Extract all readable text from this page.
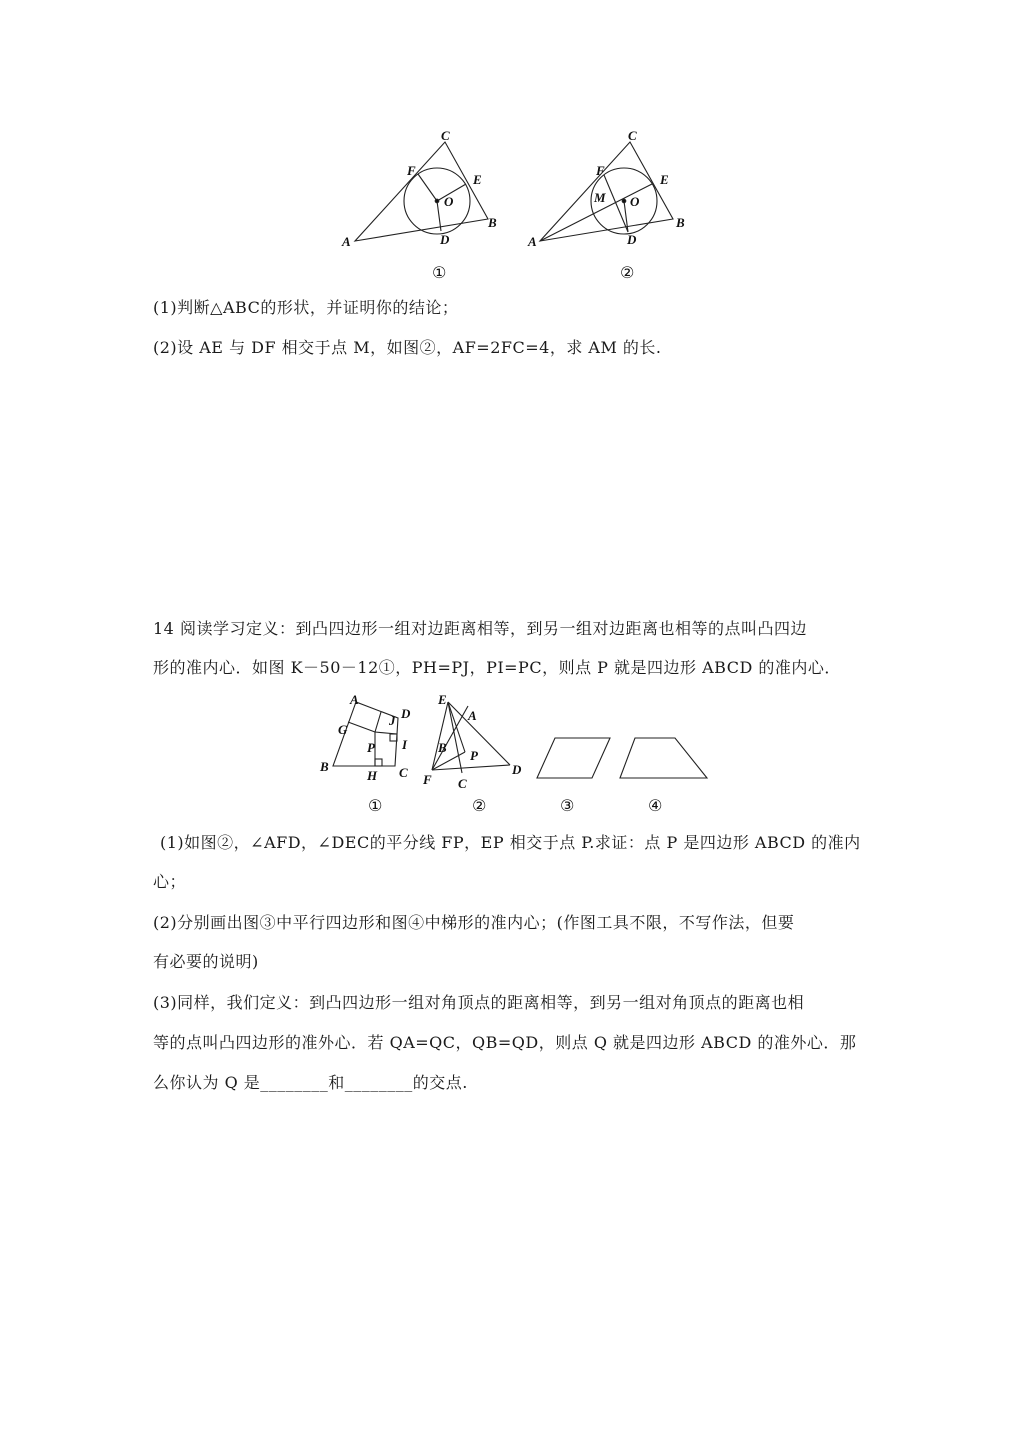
A
B
C
D
E
F
O
①
A
B
C
D
E
F
O
M
②
(1)判断△ABC的形状，并证明你的结论；
(2)设 AE 与 DF 相交于点 M，如图②，AF=2FC=4，求 AM 的长.
14 阅读学习定义：到凸四边形一组对边距离相等，到另一组对边距离也相等的点叫凸四边
形的准内心．如图 K－50－12①，PH=PJ，PI=PC，则点 P 就是四边形 ABCD 的准内心．
A
B	C
D
G
H
I
J
P
①
E
A
B
P
D
F C
②	③	④
(1)如图②，∠AFD，∠DEC的平分线 FP，EP 相交于点 P.求证：点 P 是四边形 ABCD 的准内
心；
(2)分别画出图③中平行四边形和图④中梯形的准内心；(作图工具不限，不写作法，但要
有必要的说明)
(3)同样，我们定义：到凸四边形一组对角顶点的距离相等，到另一组对角顶点的距离也相
等的点叫凸四边形的准外心．若 QA=QC，QB=QD，则点 Q 就是四边形 ABCD 的准外心．那
么你认为 Q 是________和________的交点.
